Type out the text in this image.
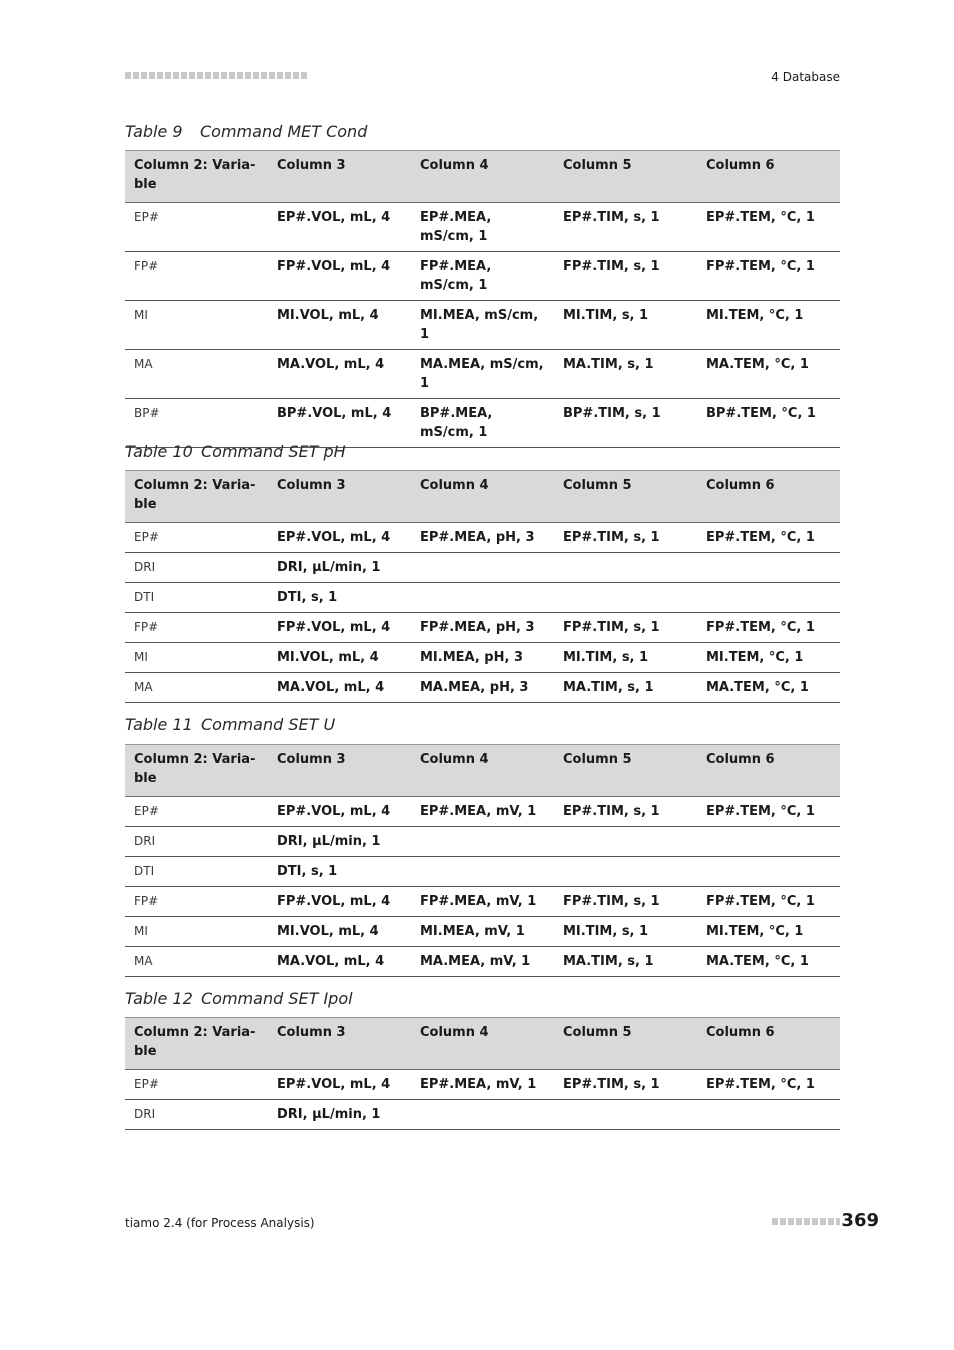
4 Database
Table 9 Command MET Cond
Column 2: Varia-ble	Column 3	Column 4	Column 5	Column 6
EP#	EP#.VOL, mL, 4	EP#.MEA, mS/cm, 1	EP#.TIM, s, 1	EP#.TEM, °C, 1
FP#	FP#.VOL, mL, 4	FP#.MEA, mS/cm, 1	FP#.TIM, s, 1	FP#.TEM, °C, 1
MI	MI.VOL, mL, 4	MI.MEA, mS/cm, 1	MI.TIM, s, 1	MI.TEM, °C, 1
MA	MA.VOL, mL, 4	MA.MEA, mS/cm, 1	MA.TIM, s, 1	MA.TEM, °C, 1
BP#	BP#.VOL, mL, 4	BP#.MEA, mS/cm, 1	BP#.TIM, s, 1	BP#.TEM, °C, 1
Table 10 Command SET pH
Column 2: Varia-ble	Column 3	Column 4	Column 5	Column 6
EP#	EP#.VOL, mL, 4	EP#.MEA, pH, 3	EP#.TIM, s, 1	EP#.TEM, °C, 1
DRI	DRI, µL/min, 1			
DTI	DTI, s, 1			
FP#	FP#.VOL, mL, 4	FP#.MEA, pH, 3	FP#.TIM, s, 1	FP#.TEM, °C, 1
MI	MI.VOL, mL, 4	MI.MEA, pH, 3	MI.TIM, s, 1	MI.TEM, °C, 1
MA	MA.VOL, mL, 4	MA.MEA, pH, 3	MA.TIM, s, 1	MA.TEM, °C, 1
Table 11 Command SET U
Column 2: Varia-ble	Column 3	Column 4	Column 5	Column 6
EP#	EP#.VOL, mL, 4	EP#.MEA, mV, 1	EP#.TIM, s, 1	EP#.TEM, °C, 1
DRI	DRI, µL/min, 1			
DTI	DTI, s, 1			
FP#	FP#.VOL, mL, 4	FP#.MEA, mV, 1	FP#.TIM, s, 1	FP#.TEM, °C, 1
MI	MI.VOL, mL, 4	MI.MEA, mV, 1	MI.TIM, s, 1	MI.TEM, °C, 1
MA	MA.VOL, mL, 4	MA.MEA, mV, 1	MA.TIM, s, 1	MA.TEM, °C, 1
Table 12 Command SET Ipol
Column 2: Varia-ble	Column 3	Column 4	Column 5	Column 6
EP#	EP#.VOL, mL, 4	EP#.MEA, mV, 1	EP#.TIM, s, 1	EP#.TEM, °C, 1
DRI	DRI, µL/min, 1			
tiamo 2.4 (for Process Analysis)	369
